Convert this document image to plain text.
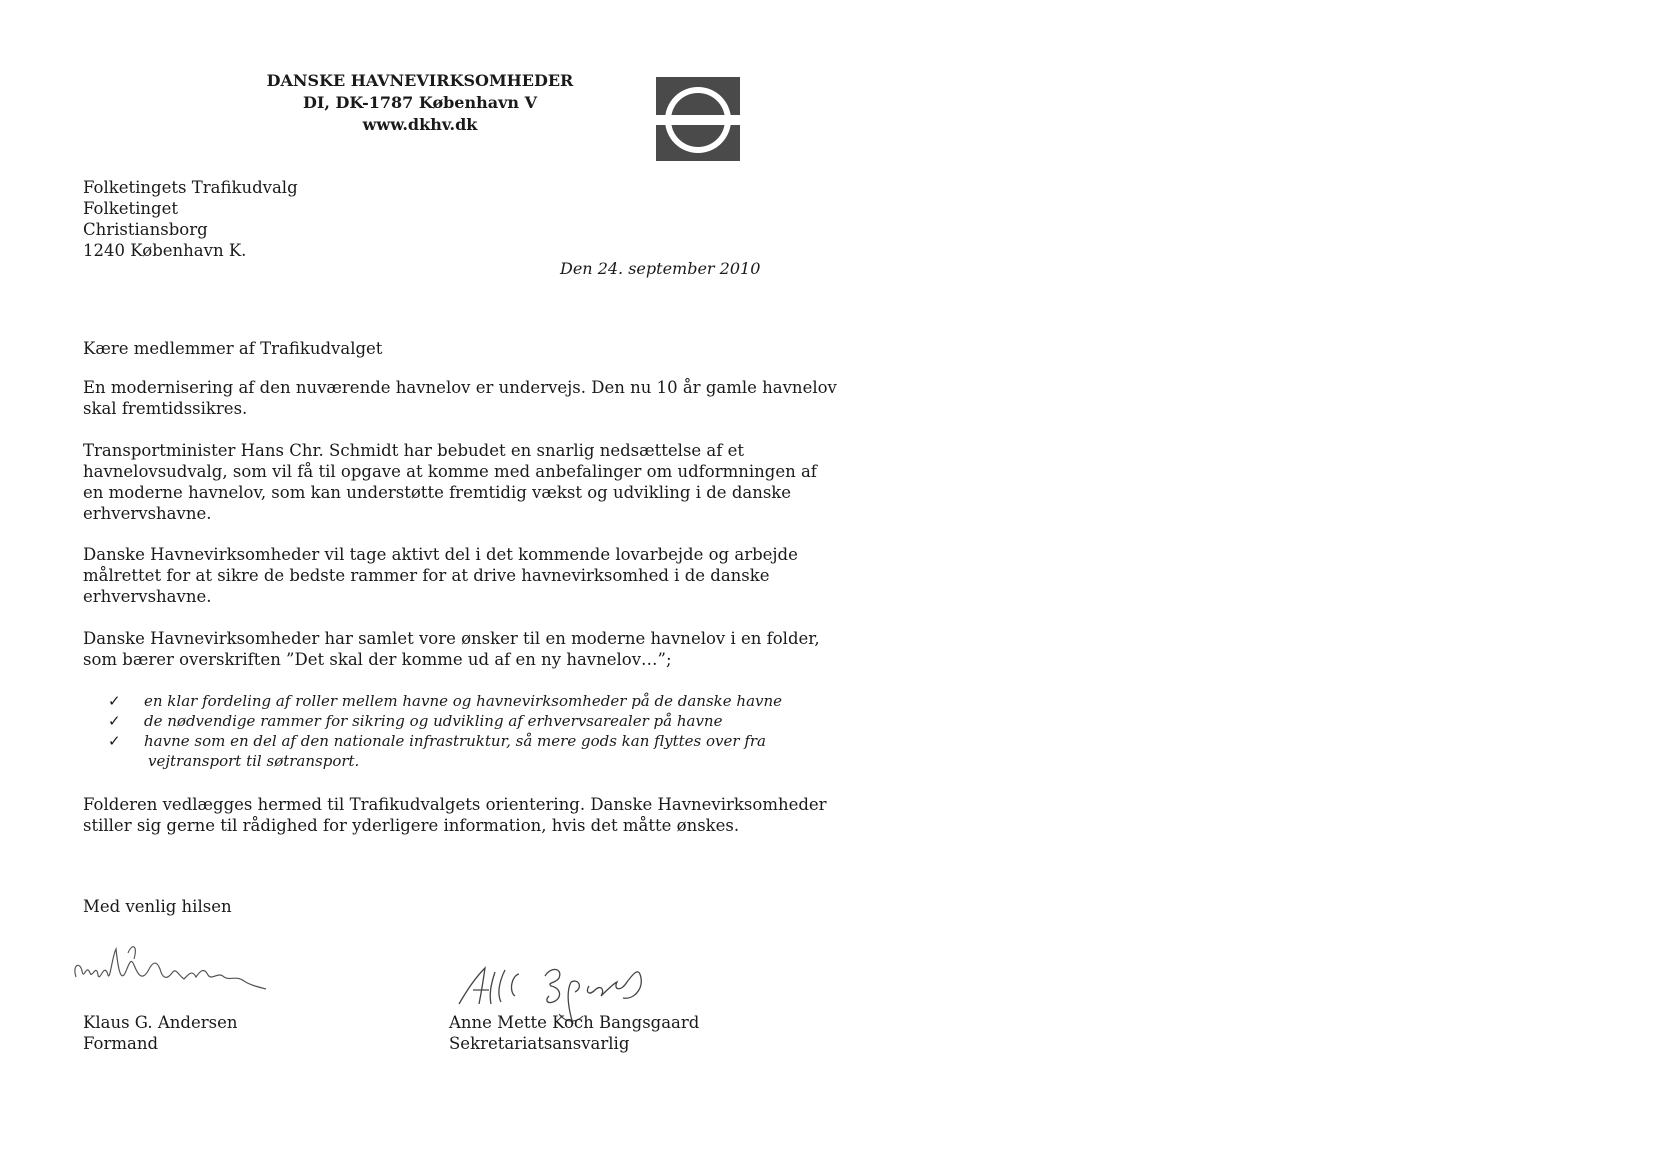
DANSKE HAVNEVIRKSOMHEDER
DI, DK-1787 København V
www.dkhv.dk
Folketingets Trafikudvalg
Folketinget
Christiansborg
1240 København K.
Den 24. september 2010
Kære medlemmer af Trafikudvalget
En modernisering af den nuværende havnelov er undervejs. Den nu 10 år gamle havnelov
skal fremtidssikres.
Transportminister Hans Chr. Schmidt har bebudet en snarlig nedsættelse af et
havnelovsudvalg, som vil få til opgave at komme med anbefalinger om udformningen af
en moderne havnelov, som kan understøtte fremtidig vækst og udvikling i de danske
erhvervshavne.
Danske Havnevirksomheder vil tage aktivt del i det kommende lovarbejde og arbejde
målrettet for at sikre de bedste rammer for at drive havnevirksomhed i de danske
erhvervshavne.
Danske Havnevirksomheder har samlet vore ønsker til en moderne havnelov i en folder,
som bærer overskriften ”Det skal der komme ud af en ny havnelov…”;
✓ en klar fordeling af roller mellem havne og havnevirksomheder på de danske havne
✓ de nødvendige rammer for sikring og udvikling af erhvervsarealer på havne
✓ havne som en del af den nationale infrastruktur, så mere gods kan flyttes over fra
vejtransport til søtransport.
Folderen vedlægges hermed til Trafikudvalgets orientering. Danske Havnevirksomheder
stiller sig gerne til rådighed for yderligere information, hvis det måtte ønskes.
Med venlig hilsen
Klaus G. Andersen
Formand
Anne Mette Koch Bangsgaard
Sekretariatsansvarlig
